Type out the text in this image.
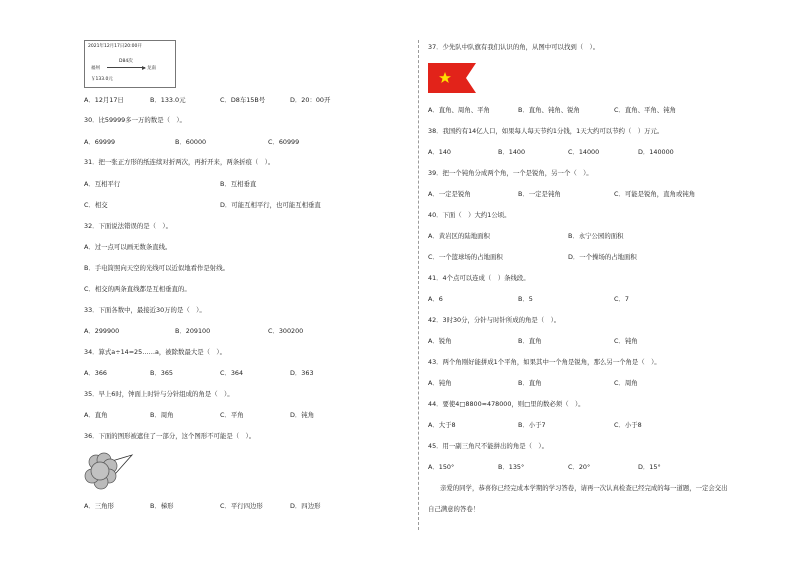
2021年12月17日20:00开
D84次
福州	龙南
￥133.0元
A．12月17日	B．133.0元	C．D8车15B号	D．20：00开
30．比59999多一万的数是（　）。
A．69999	B．60000	C．60999
31．把一张正方形的纸连续对折两次，再折开来，两条折痕（　）。
A．互相平行	B．互相垂直
C．相交	D．可能互相平行，也可能互相垂直
32．下面说法错误的是（　）。
A．过一点可以画无数条直线。
B．手电筒照向天空的光线可以近似地看作是射线。
C．相交的两条直线都是互相垂直的。
33．下面各数中，最接近30万的是（　）。
A．299900	B．209100	C．300200
34．算式a÷14=25……a，被除数最大是（　）。
A．366	B．365	C．364	D．363
35．早上6时，钟面上时针与分针组成的角是（　）。
A．直角	B．周角	C．平角	D．钝角
36．下面的图形被遮住了一部分，这个图形不可能是（　）。
A．三角形	B．梯形	C．平行四边形	D．四边形
37．少先队中队旗有我们认识的角，从图中可以找到（　）。
A．直角、周角、平角	B．直角、钝角、锐角	C．直角、平角、钝角
38．我国约有14亿人口，如果每人每天节约1分钱，1天大约可以节约（　）万元。
A．140	B．1400	C．14000	D．140000
39．把一个钝角分成两个角，一个是锐角，另一个（　）。
A．一定是锐角	B．一定是钝角	C．可能是锐角，直角或钝角
40．下面（　）大约1公顷。
A．黄岩区的陆地面积	B．永宁公园的面积
C．一个篮球场的占地面积	D．一个操场的占地面积
41．4个点可以连成（　）条线段。
A．6	B．5	C．7
42．3时30分，分针与时针所成的角是（　）。
A．锐角	B．直角	C．钝角
43．两个角刚好能拼成1个平角，如果其中一个角是锐角，那么另一个角是（　）。
A．钝角	B．直角	C．周角
44．要使4□8800≈478000，则□里的数必须（　）。
A．大于8	B．小于7	C．小于8
45．用一副三角尺不能拼出的角是（　）。
A．150°	B．135°	C．20°	D．15°
亲爱的同学，恭喜你已经完成本学期的学习答卷，请再一次认真检查已经完成的每一道题，一定会交出
自己满意的答卷！
